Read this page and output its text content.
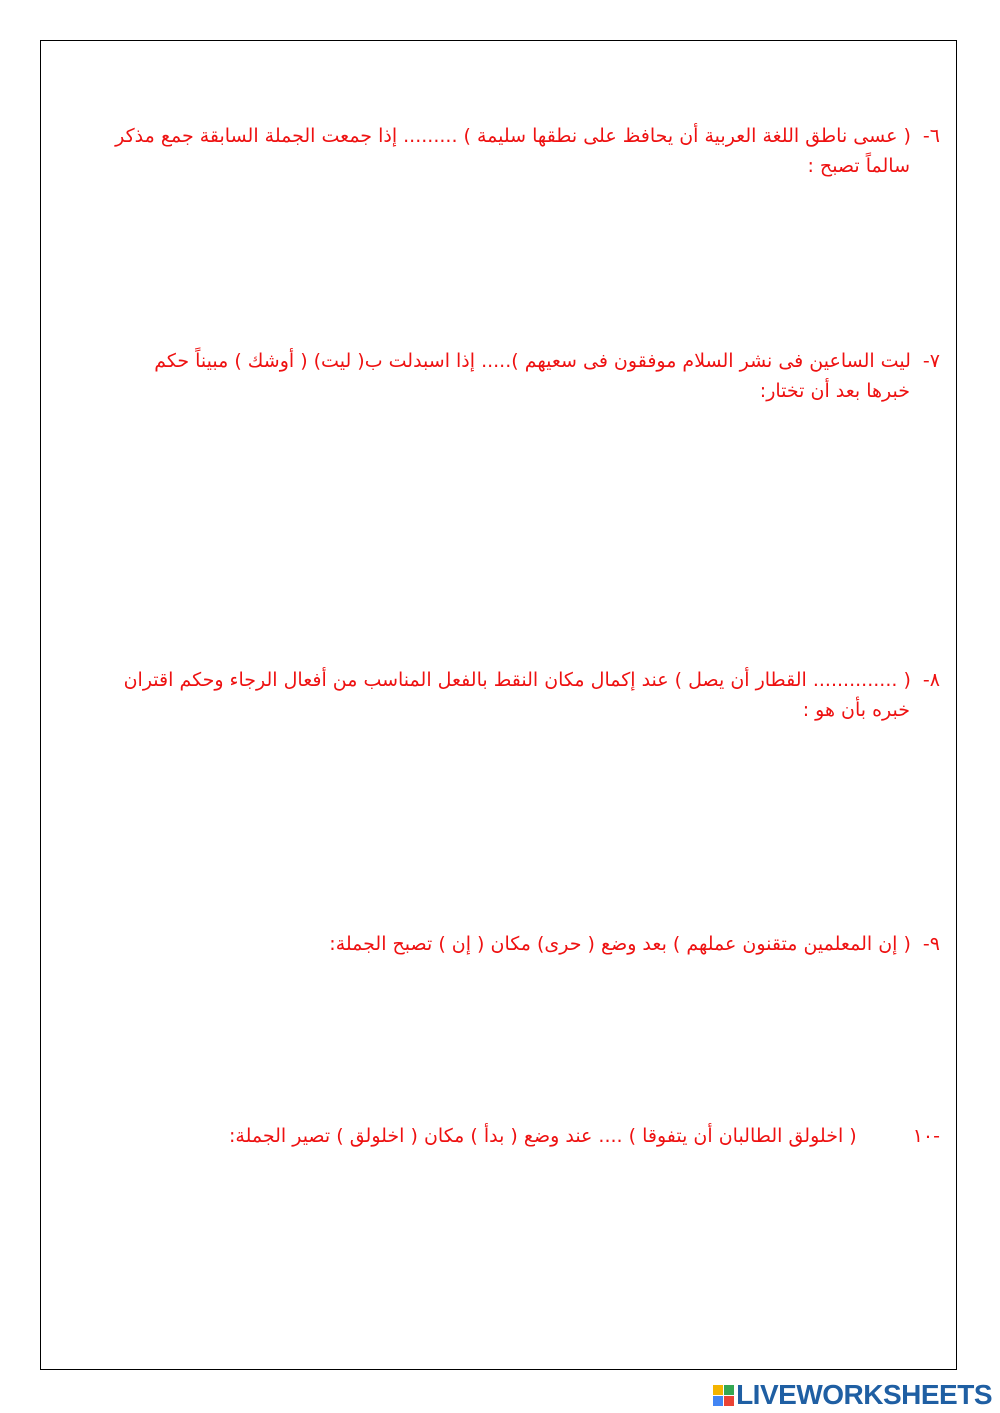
٦- ( عسى ناطق اللغة العربية أن يحافظ على نطقها سليمة ) ......... إذا جمعت الجملة السابقة جمع مذكر
سالماً تصبح :

٧- ليت الساعين فى نشر السلام موفقون فى سعيهم )..... إذا اسبدلت ب( ليت) ( أوشك ) مبيناً حكم
خبرها بعد أن تختار:

٨- ( .............. القطار أن يصل ) عند إكمال مكان النقط بالفعل المناسب من أفعال الرجاء وحكم اقتران
خبره بأن هو :

٩- ( إن المعلمين متقنون عملهم ) بعد وضع ( حرى) مكان ( إن ) تصبح الجملة:

-١٠ ( اخلولق الطالبان أن يتفوقا ) .... عند وضع ( بدأ ) مكان ( اخلولق ) تصير الجملة:

LIVEWORKSHEETS
